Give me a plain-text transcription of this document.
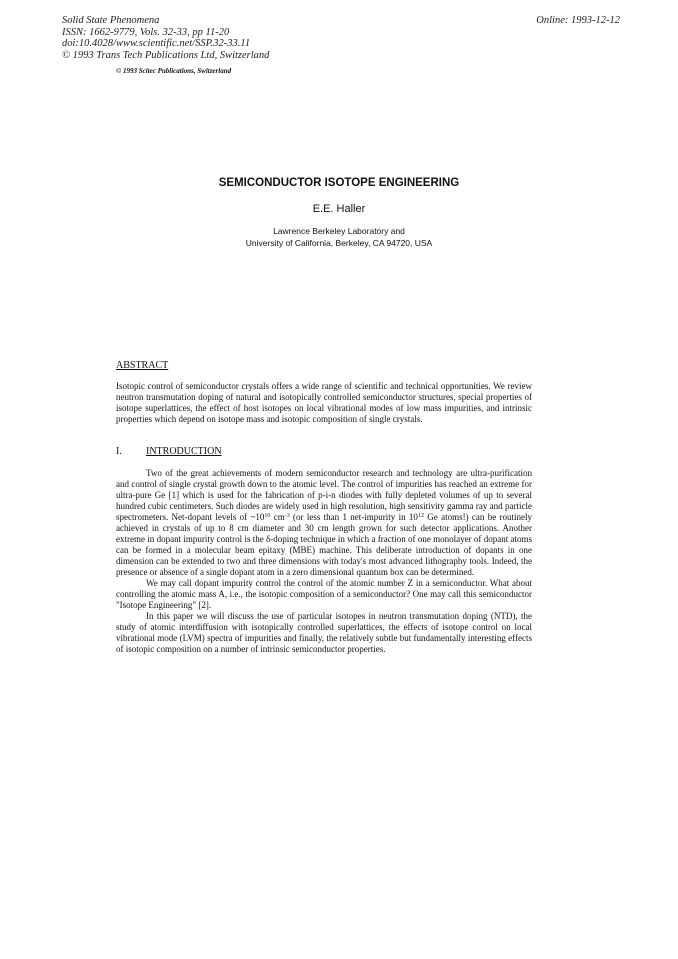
Solid State Phenomena
ISSN: 1662-9779, Vols. 32-33, pp 11-20
doi:10.4028/www.scientific.net/SSP.32-33.11
© 1993 Trans Tech Publications Ltd, Switzerland
Online: 1993-12-12
© 1993 Scitec Publications, Switzerland
SEMICONDUCTOR ISOTOPE ENGINEERING
E.E. Haller
Lawrence Berkeley Laboratory and
University of California, Berkeley, CA 94720, USA
ABSTRACT

Isotopic control of semiconductor crystals offers a wide range of scientific and technical opportunities. We review neutron transmutation doping of natural and isotopically controlled semiconductor structures, special properties of isotope superlattices, the effect of host isotopes on local vibrational modes of low mass impurities, and intrinsic properties which depend on isotope mass and isotopic composition of single crystals.

I. INTRODUCTION

Two of the great achievements of modern semiconductor research and technology are ultra-purification and control of single crystal growth down to the atomic level. The control of impurities has reached an extreme for ultra-pure Ge [1] which is used for the fabrication of p-i-n diodes with fully depleted volumes of up to several hundred cubic centimeters. Such diodes are widely used in high resolution, high sensitivity gamma ray and particle spectrometers. Net-dopant levels of $\sim 10^{10}$ $cm^{-3}$ (or less than 1 net-impurity in $10^{12}$ Ge atoms!) can be routinely achieved in crystals of up to 8 cm diameter and 30 cm length grown for such detector applications. Another extreme in dopant impurity control is the δ-doping technique in which a fraction of one monolayer of dopant atoms can be formed in a molecular beam epitaxy (MBE) machine. This deliberate introduction of dopants in one dimension can be extended to two and three dimensions with today's most advanced lithography tools. Indeed, the presence or absence of a single dopant atom in a zero dimensional quantum box can be determined.

We may call dopant impurity control the control of the atomic number Z in a semiconductor. What about controlling the atomic mass A, i.e., the isotopic composition of a semiconductor? One may call this semiconductor "Isotope Engineering" [2].

In this paper we will discuss the use of particular isotopes in neutron transmutation doping (NTD), the study of atomic interdiffusion with isotopically controlled superlattices, the effects of isotope control on local vibrational mode (LVM) spectra of impurities and finally, the relatively subtle but fundamentally interesting effects of isotopic composition on a number of intrinsic semiconductor properties.
